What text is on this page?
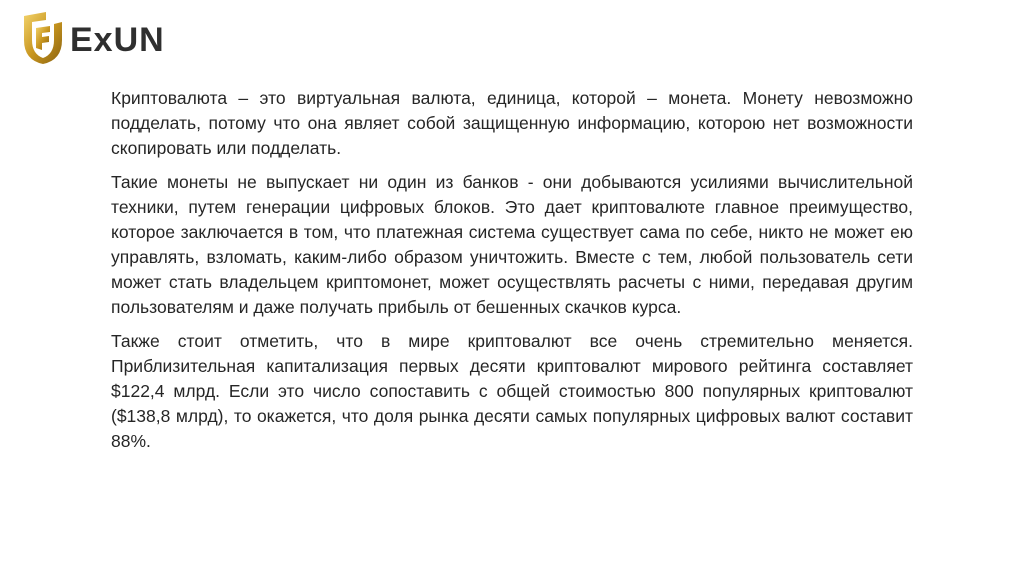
ExUN

Криптовалюта – это виртуальная валюта, единица, которой – монета. Монету невозможно подделать, потому что она являет собой защищенную информацию, которою нет возможности скопировать или подделать.

Такие монеты не выпускает ни один из банков - они добываются усилиями вычислительной техники, путем генерации цифровых блоков. Это дает криптовалюте главное преимущество, которое заключается в том, что платежная система существует сама по себе, никто не может ею управлять, взломать, каким-либо образом уничтожить. Вместе с тем, любой пользователь сети может стать владельцем криптомонет, может осуществлять расчеты с ними, передавая другим пользователям и даже получать прибыль от бешенных скачков курса.

Также стоит отметить, что в мире криптовалют все очень стремительно меняется. Приблизительная капитализация первых десяти криптовалют мирового рейтинга составляет $122,4 млрд. Если это число сопоставить с общей стоимостью 800 популярных криптовалют ($138,8 млрд), то окажется, что доля рынка десяти самых популярных цифровых валют составит 88%.
